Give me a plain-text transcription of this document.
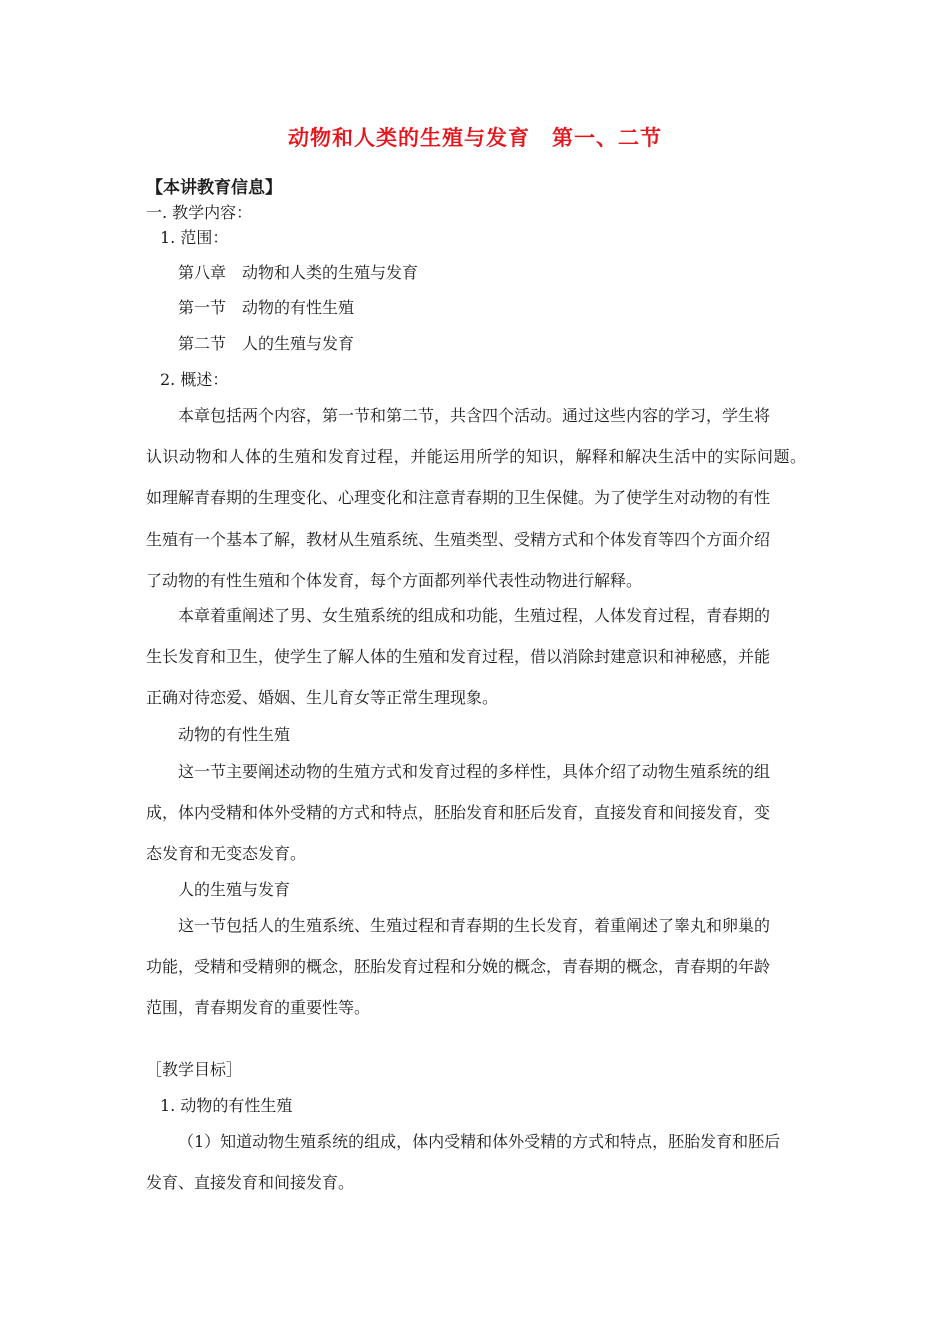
动物和人类的生殖与发育　第一、二节
【本讲教育信息】
一. 教学内容：
1. 范围：
第八章　动物和人类的生殖与发育
第一节　动物的有性生殖
第二节　人的生殖与发育
2. 概述：
本章包括两个内容，第一节和第二节，共含四个活动。通过这些内容的学习，学生将
认识动物和人体的生殖和发育过程，并能运用所学的知识，解释和解决生活中的实际问题。
如理解青春期的生理变化、心理变化和注意青春期的卫生保健。为了使学生对动物的有性
生殖有一个基本了解，教材从生殖系统、生殖类型、受精方式和个体发育等四个方面介绍
了动物的有性生殖和个体发育，每个方面都列举代表性动物进行解释。
本章着重阐述了男、女生殖系统的组成和功能，生殖过程，人体发育过程，青春期的
生长发育和卫生，使学生了解人体的生殖和发育过程，借以消除封建意识和神秘感，并能
正确对待恋爱、婚姻、生儿育女等正常生理现象。
动物的有性生殖
这一节主要阐述动物的生殖方式和发育过程的多样性，具体介绍了动物生殖系统的组
成，体内受精和体外受精的方式和特点，胚胎发育和胚后发育，直接发育和间接发育，变
态发育和无变态发育。
人的生殖与发育
这一节包括人的生殖系统、生殖过程和青春期的生长发育，着重阐述了睾丸和卵巢的
功能，受精和受精卵的概念，胚胎发育过程和分娩的概念，青春期的概念，青春期的年龄
范围，青春期发育的重要性等。
［教学目标］
1. 动物的有性生殖
（1）知道动物生殖系统的组成，体内受精和体外受精的方式和特点，胚胎发育和胚后
发育、直接发育和间接发育。
